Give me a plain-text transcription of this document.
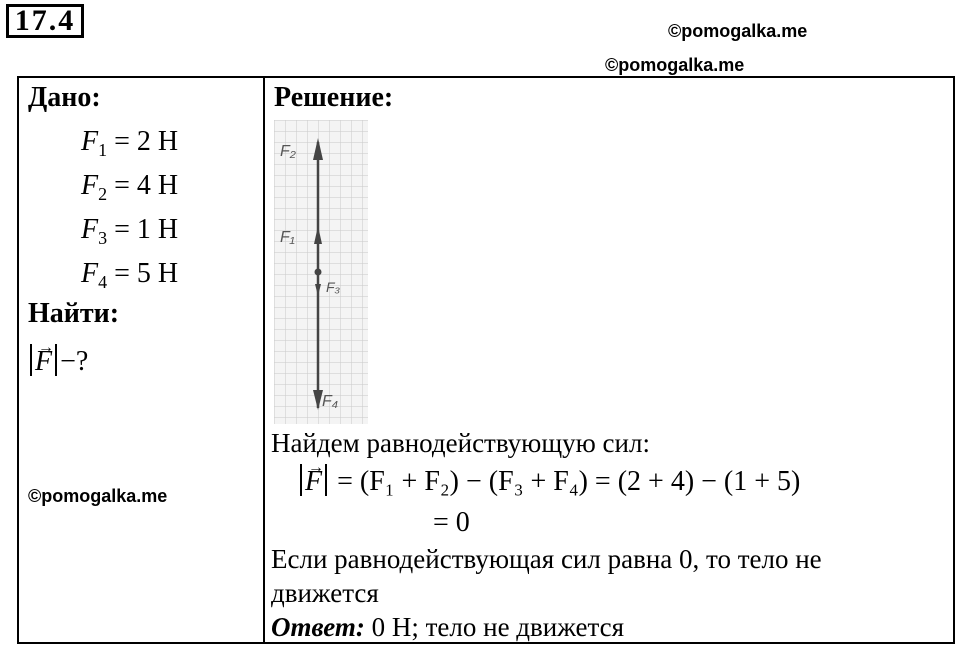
17.4	©pomogalka.me
©pomogalka.me
Дано:
$F_1 = 2$ Н
$F_2 = 4$ Н
$F_3 = 1$ Н
$F_4 = 5$ Н
Найти:
→ F −?
Решение:
F₂
F₁
F₃
F₄
Найдем равнодействующую сил:
→ F = (F₁ + F₂) − (F₃ + F₄) = (2 + 4) − (1 + 5)
= 0
Если равнодействующая сил равна 0, то тело не
движется
Ответ: 0 Н; тело не движется
©pomogalka.me
